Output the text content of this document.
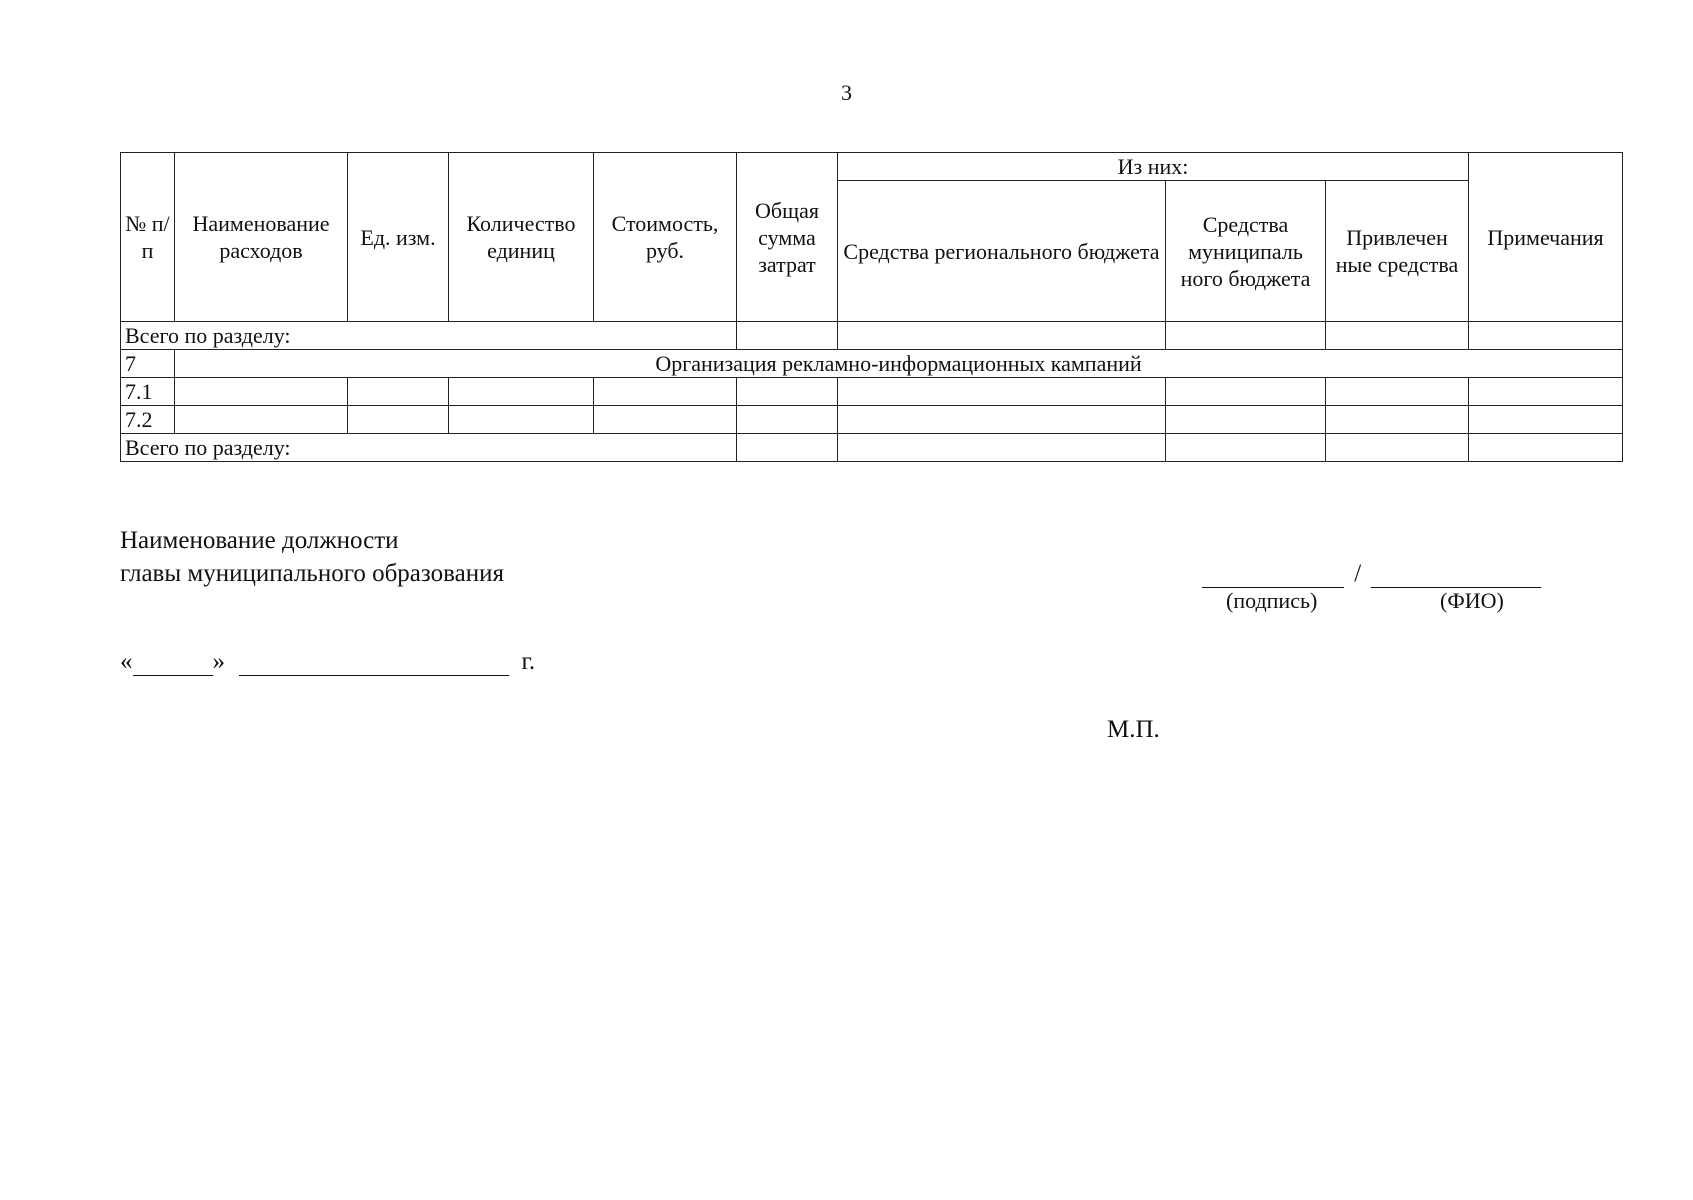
3
№ п/п	Наименование расходов	Ед. изм.	Количество единиц	Стоимость, руб.	Общая сумма затрат	Из них:			Примечания
						Средства регионального бюджета	Средства муниципаль ного бюджета	Привлечен ные средства	
Всего по разделу:									
7	Организация рекламно-информационных кампаний								
7.1									
7.2									
Всего по разделу:									
Наименование должности
главы муниципального образования	/
(подпись)	(ФИО)
«	»	г.
М.П.
